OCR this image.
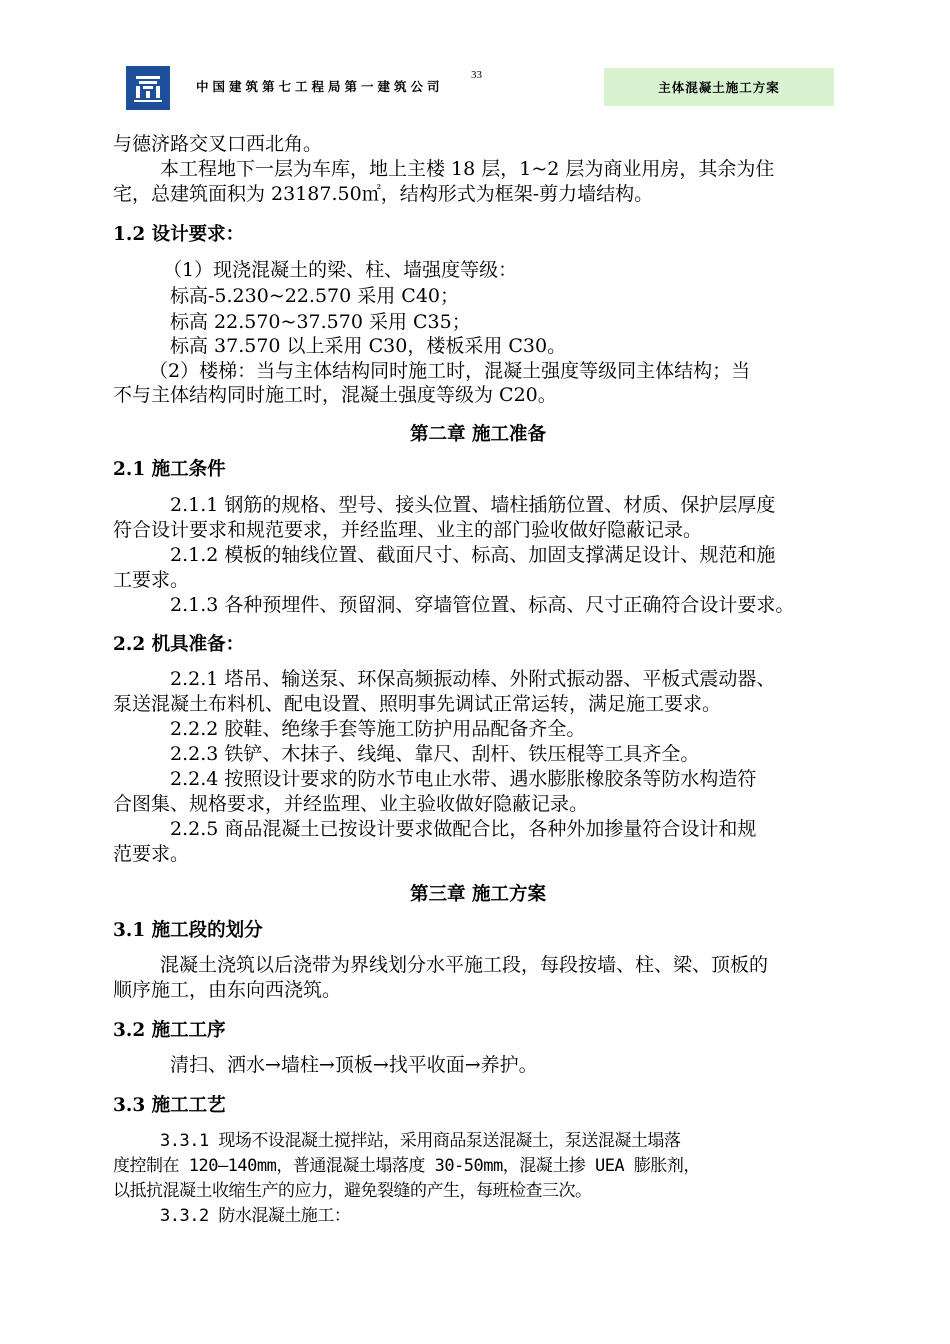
中国建筑第七工程局第一建筑公司
33
主体混凝土施工方案

与德济路交叉口西北角。

本工程地下一层为车库，地上主楼 18 层，1~2 层为商业用房，其余为住

宅，总建筑面积为 23187.50㎡，结构形式为框架-剪力墙结构。

1.2 设计要求：

（1）现浇混凝土的梁、柱、墙强度等级：

标高-5.230~22.570 采用 C40；

标高 22.570~37.570 采用 C35；

标高 37.570 以上采用 C30，楼板采用 C30。

（2）楼梯：当与主体结构同时施工时，混凝土强度等级同主体结构；当

不与主体结构同时施工时，混凝土强度等级为 C20。

第二章 施工准备

2.1 施工条件

2.1.1 钢筋的规格、型号、接头位置、墙柱插筋位置、材质、保护层厚度

符合设计要求和规范要求，并经监理、业主的部门验收做好隐蔽记录。

2.1.2 模板的轴线位置、截面尺寸、标高、加固支撑满足设计、规范和施

工要求。

2.1.3 各种预埋件、预留洞、穿墙管位置、标高、尺寸正确符合设计要求。

2.2 机具准备：

2.2.1 塔吊、输送泵、环保高频振动棒、外附式振动器、平板式震动器、

泵送混凝土布料机、配电设置、照明事先调试正常运转，满足施工要求。

2.2.2 胶鞋、绝缘手套等施工防护用品配备齐全。

2.2.3 铁铲、木抹子、线绳、靠尺、刮杆、铁压棍等工具齐全。

2.2.4 按照设计要求的防水节电止水带、遇水膨胀橡胶条等防水构造符

合图集、规格要求，并经监理、业主验收做好隐蔽记录。

2.2.5 商品混凝土已按设计要求做配合比，各种外加掺量符合设计和规

范要求。

第三章 施工方案

3.1 施工段的划分

混凝土浇筑以后浇带为界线划分水平施工段，每段按墙、柱、梁、顶板的

顺序施工，由东向西浇筑。

3.2 施工工序

清扫、洒水→墙柱→顶板→找平收面→养护。

3.3 施工工艺

3.3.1 现场不设混凝土搅拌站，采用商品泵送混凝土，泵送混凝土塌落

度控制在 120—140mm，普通混凝土塌落度 30-50mm，混凝土掺 UEA 膨胀剂，

以抵抗混凝土收缩生产的应力，避免裂缝的产生，每班检查三次。

3.3.2 防水混凝土施工：
